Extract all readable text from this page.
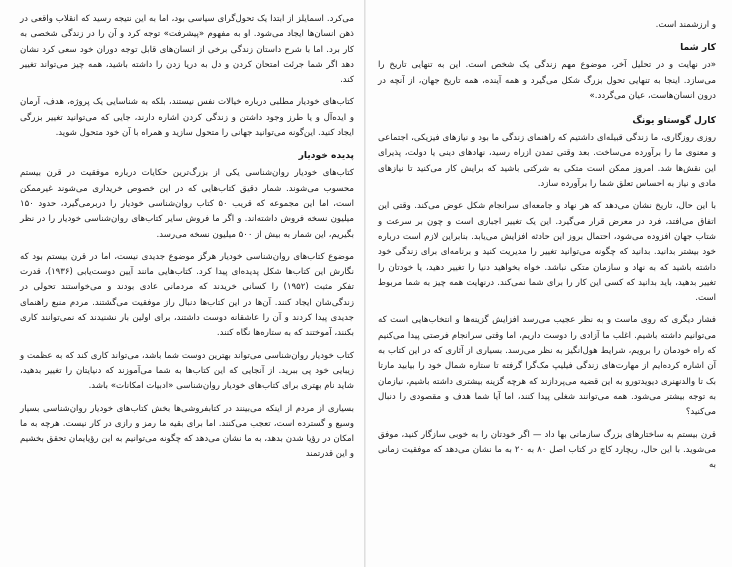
می‌کرد. اسمایلز از ابتدا یک تحول‌گرای سیاسی بود، اما به این نتیجه رسید که انقلاب واقعی در ذهن انسان‌ها ایجاد می‌شود. او به مفهوم «پیشرفت» توجه کرد و آن را در زندگی شخصی به کار برد. اما با شرح داستان زندگی برخی از انسان‌های قابل توجه دوران خود سعی کرد نشان دهد اگر شما جرئت امتحان کردن و دل به دریا زدن را داشته باشید، همه چیز می‌تواند تغییر کند.

کتاب‌های خودیار مطلبی درباره خیالات نفس نیستند، بلکه به شناسایی یک پروژه، هدف، آرمان و ایده‌آل و یا طرز وجود داشتن و زندگی کردن اشاره دارند، جایی که می‌توانید تغییر بزرگی ایجاد کنید. این‌گونه می‌توانید جهانی را متحول سازید و همراه با آن خود متحول شوید.

پدیده خودیار

کتاب‌های خودیار روان‌شناسی یکی از بزرگ‌ترین حکایات درباره موفقیت در قرن بیستم محسوب می‌شوند. شمار دقیق کتاب‌هایی که در این خصوص خریداری می‌شوند غیرممکن است، اما این مجموعه که قریب ۵۰ کتاب روان‌شناسی خودیار را دربرمی‌گیرد، حدود ۱۵۰ میلیون نسخه فروش داشته‌اند. و اگر ما فروش سایر کتاب‌های روان‌شناسی خودیار را در نظر بگیریم، این شمار به بیش از ۵۰۰ میلیون نسخه می‌رسد.

موضوع کتاب‌های روان‌شناسی خودیار هرگز موضوع جدیدی نیست، اما در قرن بیستم بود که نگارش این کتاب‌ها شکل پدیده‌ای پیدا کرد. کتاب‌هایی مانند آیین دوست‌یابی (۱۹۳۶)، قدرت تفکر مثبت (۱۹۵۲) را کسانی خریدند که مردمانی عادی بودند و می‌خواستند تحولی در زندگی‌شان ایجاد کنند. آن‌ها در این کتاب‌ها دنبال راز موفقیت می‌گشتند. مردم منبع راهنمای جدیدی پیدا کردند و آن را عاشقانه دوست داشتند، برای اولین بار نشنیدند که نمی‌توانند کاری بکنند، آموختند که به ستاره‌ها نگاه کنند.

کتاب خودیار روان‌شناسی می‌تواند بهترین دوست شما باشد، می‌تواند کاری کند که به عظمت و زیبایی خود پی ببرید. از آنجایی که این کتاب‌ها به شما می‌آموزند که دنیایتان را تغییر بدهید، شاید نام بهتری برای کتاب‌های خودیار روان‌شناسی «ادبیات امکانات» باشد.

بسیاری از مردم از اینکه می‌بینند در کتابفروشی‌ها بخش کتاب‌های خودیار روان‌شناسی بسیار وسیع و گسترده است، تعجب می‌کنند. اما برای بقیه ما رمز و رازی در کار نیست. هرچه به ما امکان در رؤیا شدن بدهد، به ما نشان می‌دهد که چگونه می‌توانیم به این رؤیایمان تحقق بخشیم و این قدرتمند

و ارزشمند است.

کار شما

«در نهایت و در تحلیل آخر، موضوع مهم زندگی یک شخص است. این به تنهایی تاریخ را می‌سازد. اینجا به تنهایی تحول بزرگ شکل می‌گیرد و همه آینده، همه تاریخ جهان، از آنچه در درون انسان‌هاست، عیان می‌گردد.»

کارل گوستاو یونگ

روزی روزگاری، ما زندگی قبیله‌ای داشتیم که راهنمای زندگی ما بود و نیازهای فیزیکی، اجتماعی و معنوی ما را برآورده می‌ساخت. بعد وقتی تمدن ازراه رسید، نهادهای دینی یا دولت، پذیرای این نقش‌ها شد. امروز ممکن است متکی به شرکتی باشید که برایش کار می‌کنید تا نیازهای مادی و نیاز به احساس تعلق شما را برآورده سازد.

با این حال، تاریخ نشان می‌دهد که هر نهاد و جامعه‌ای سرانجام شکل عوض می‌کند. وقتی این اتفاق می‌افتد، فرد در معرض قرار می‌گیرد. این یک تغییر اجباری است و چون بر سرعت و شتاب جهان افزوده می‌شود، احتمال بروز این حادثه افزایش می‌یابد. بنابراین لازم است درباره خود بیشتر بدانید. بدانید که چگونه می‌توانید تغییر را مدیریت کنید و برنامه‌ای برای زندگی خود داشته باشید که به نهاد و سازمان متکی نباشد. خواه بخواهید دنیا را تغییر دهید، یا خودتان را تغییر بدهید، باید بدانید که کسی این کار را برای شما نمی‌کند. درنهایت همه چیز به شما مربوط است.

فشار دیگری که روی ماست و به نظر عجیب می‌رسد افزایش گزینه‌ها و انتخاب‌هایی است که می‌توانیم داشته باشیم. اغلب ما آزادی را دوست داریم، اما وقتی سرانجام فرصتی پیدا می‌کنیم که راه خودمان را برویم، شرایط هول‌انگیز به نظر می‌رسد. بسیاری از آثاری که در این کتاب به آن اشاره کرده‌ایم از مهارت‌های زندگی فیلیپ مک‌گرا گرفته تا ستاره شمال خود را بیابید مارتا بک تا والدنهنری دیویدتورو به این قضیه می‌پردازند که هرچه گزینه بیشتری داشته باشیم، نیازمان به توجه بیشتر می‌شود. همه می‌توانند شغلی پیدا کنند، اما آیا شما هدف و مقصودی را دنبال می‌کنید؟

قرن بیستم به ساختارهای بزرگ سازمانی بها داد — اگر خودتان را به خوبی سازگار کنید، موفق می‌شوید. با این حال، ریچارد کاچ در کتاب اصل ۸۰ به ۲۰ به ما نشان می‌دهد که موفقیت زمانی به
